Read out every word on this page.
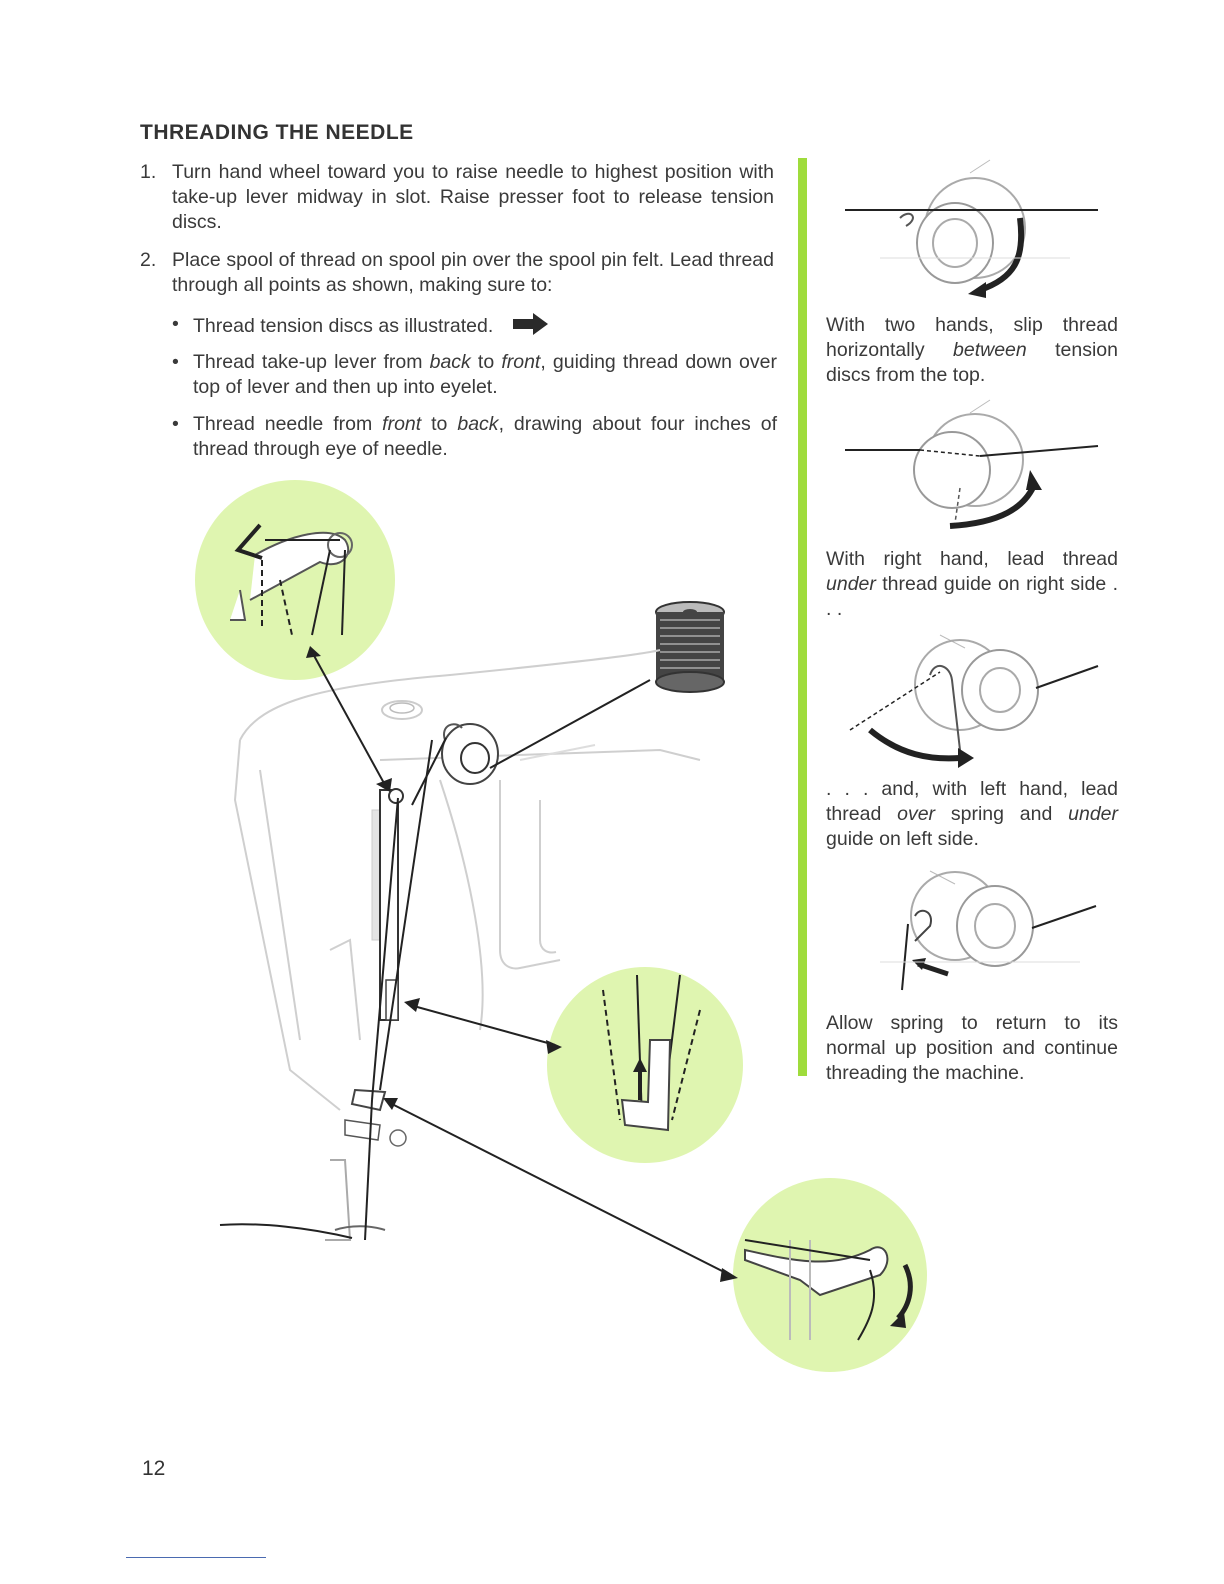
THREADING THE NEEDLE
1. Turn hand wheel toward you to raise needle to highest position with take-up lever midway in slot. Raise presser foot to release tension discs.
2. Place spool of thread on spool pin over the spool pin felt. Lead thread through all points as shown, making sure to:
• Thread tension discs as illustrated.
• Thread take-up lever from back to front, guiding thread down over top of lever and then up into eyelet.
• Thread needle from front to back, drawing about four inches of thread through eye of needle.
With two hands, slip thread horizontally between tension discs from the top.
With right hand, lead thread under thread guide on right side . . .
. . . and, with left hand, lead thread over spring and under guide on left side.
Allow spring to return to its normal up position and continue threading the machine.
12
